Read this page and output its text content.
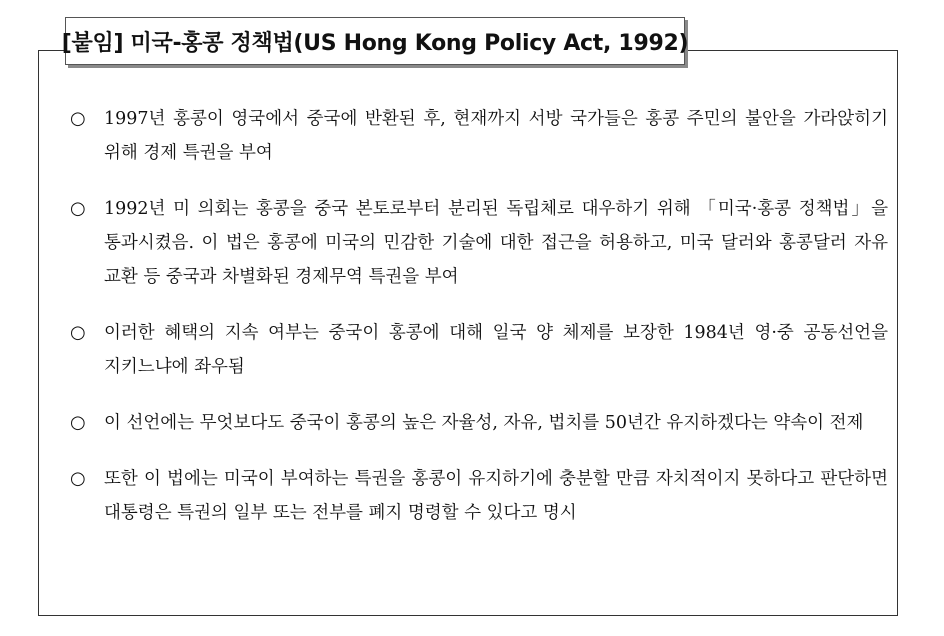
[붙임] 미국-홍콩 정책법(US Hong Kong Policy Act, 1992)
○	1997년 홍콩이 영국에서 중국에 반환된 후, 현재까지 서방 국가들은 홍콩 주민의 불안을 가라앉히기 위해 경제 특권을 부여
○	1992년 미 의회는 홍콩을 중국 본토로부터 분리된 독립체로 대우하기 위해 「미국·홍콩 정책법」을 통과시켰음. 이 법은 홍콩에 미국의 민감한 기술에 대한 접근을 허용하고, 미국 달러와 홍콩달러 자유 교환 등 중국과 차별화된 경제무역 특권을 부여
○	이러한 혜택의 지속 여부는 중국이 홍콩에 대해 일국 양 체제를 보장한 1984년 영·중 공동선언을 지키느냐에 좌우됨
○	이 선언에는 무엇보다도 중국이 홍콩의 높은 자율성, 자유, 법치를 50년간 유지하겠다는 약속이 전제
○	또한 이 법에는 미국이 부여하는 특권을 홍콩이 유지하기에 충분할 만큼 자치적이지 못하다고 판단하면 대통령은 특권의 일부 또는 전부를 폐지 명령할 수 있다고 명시
